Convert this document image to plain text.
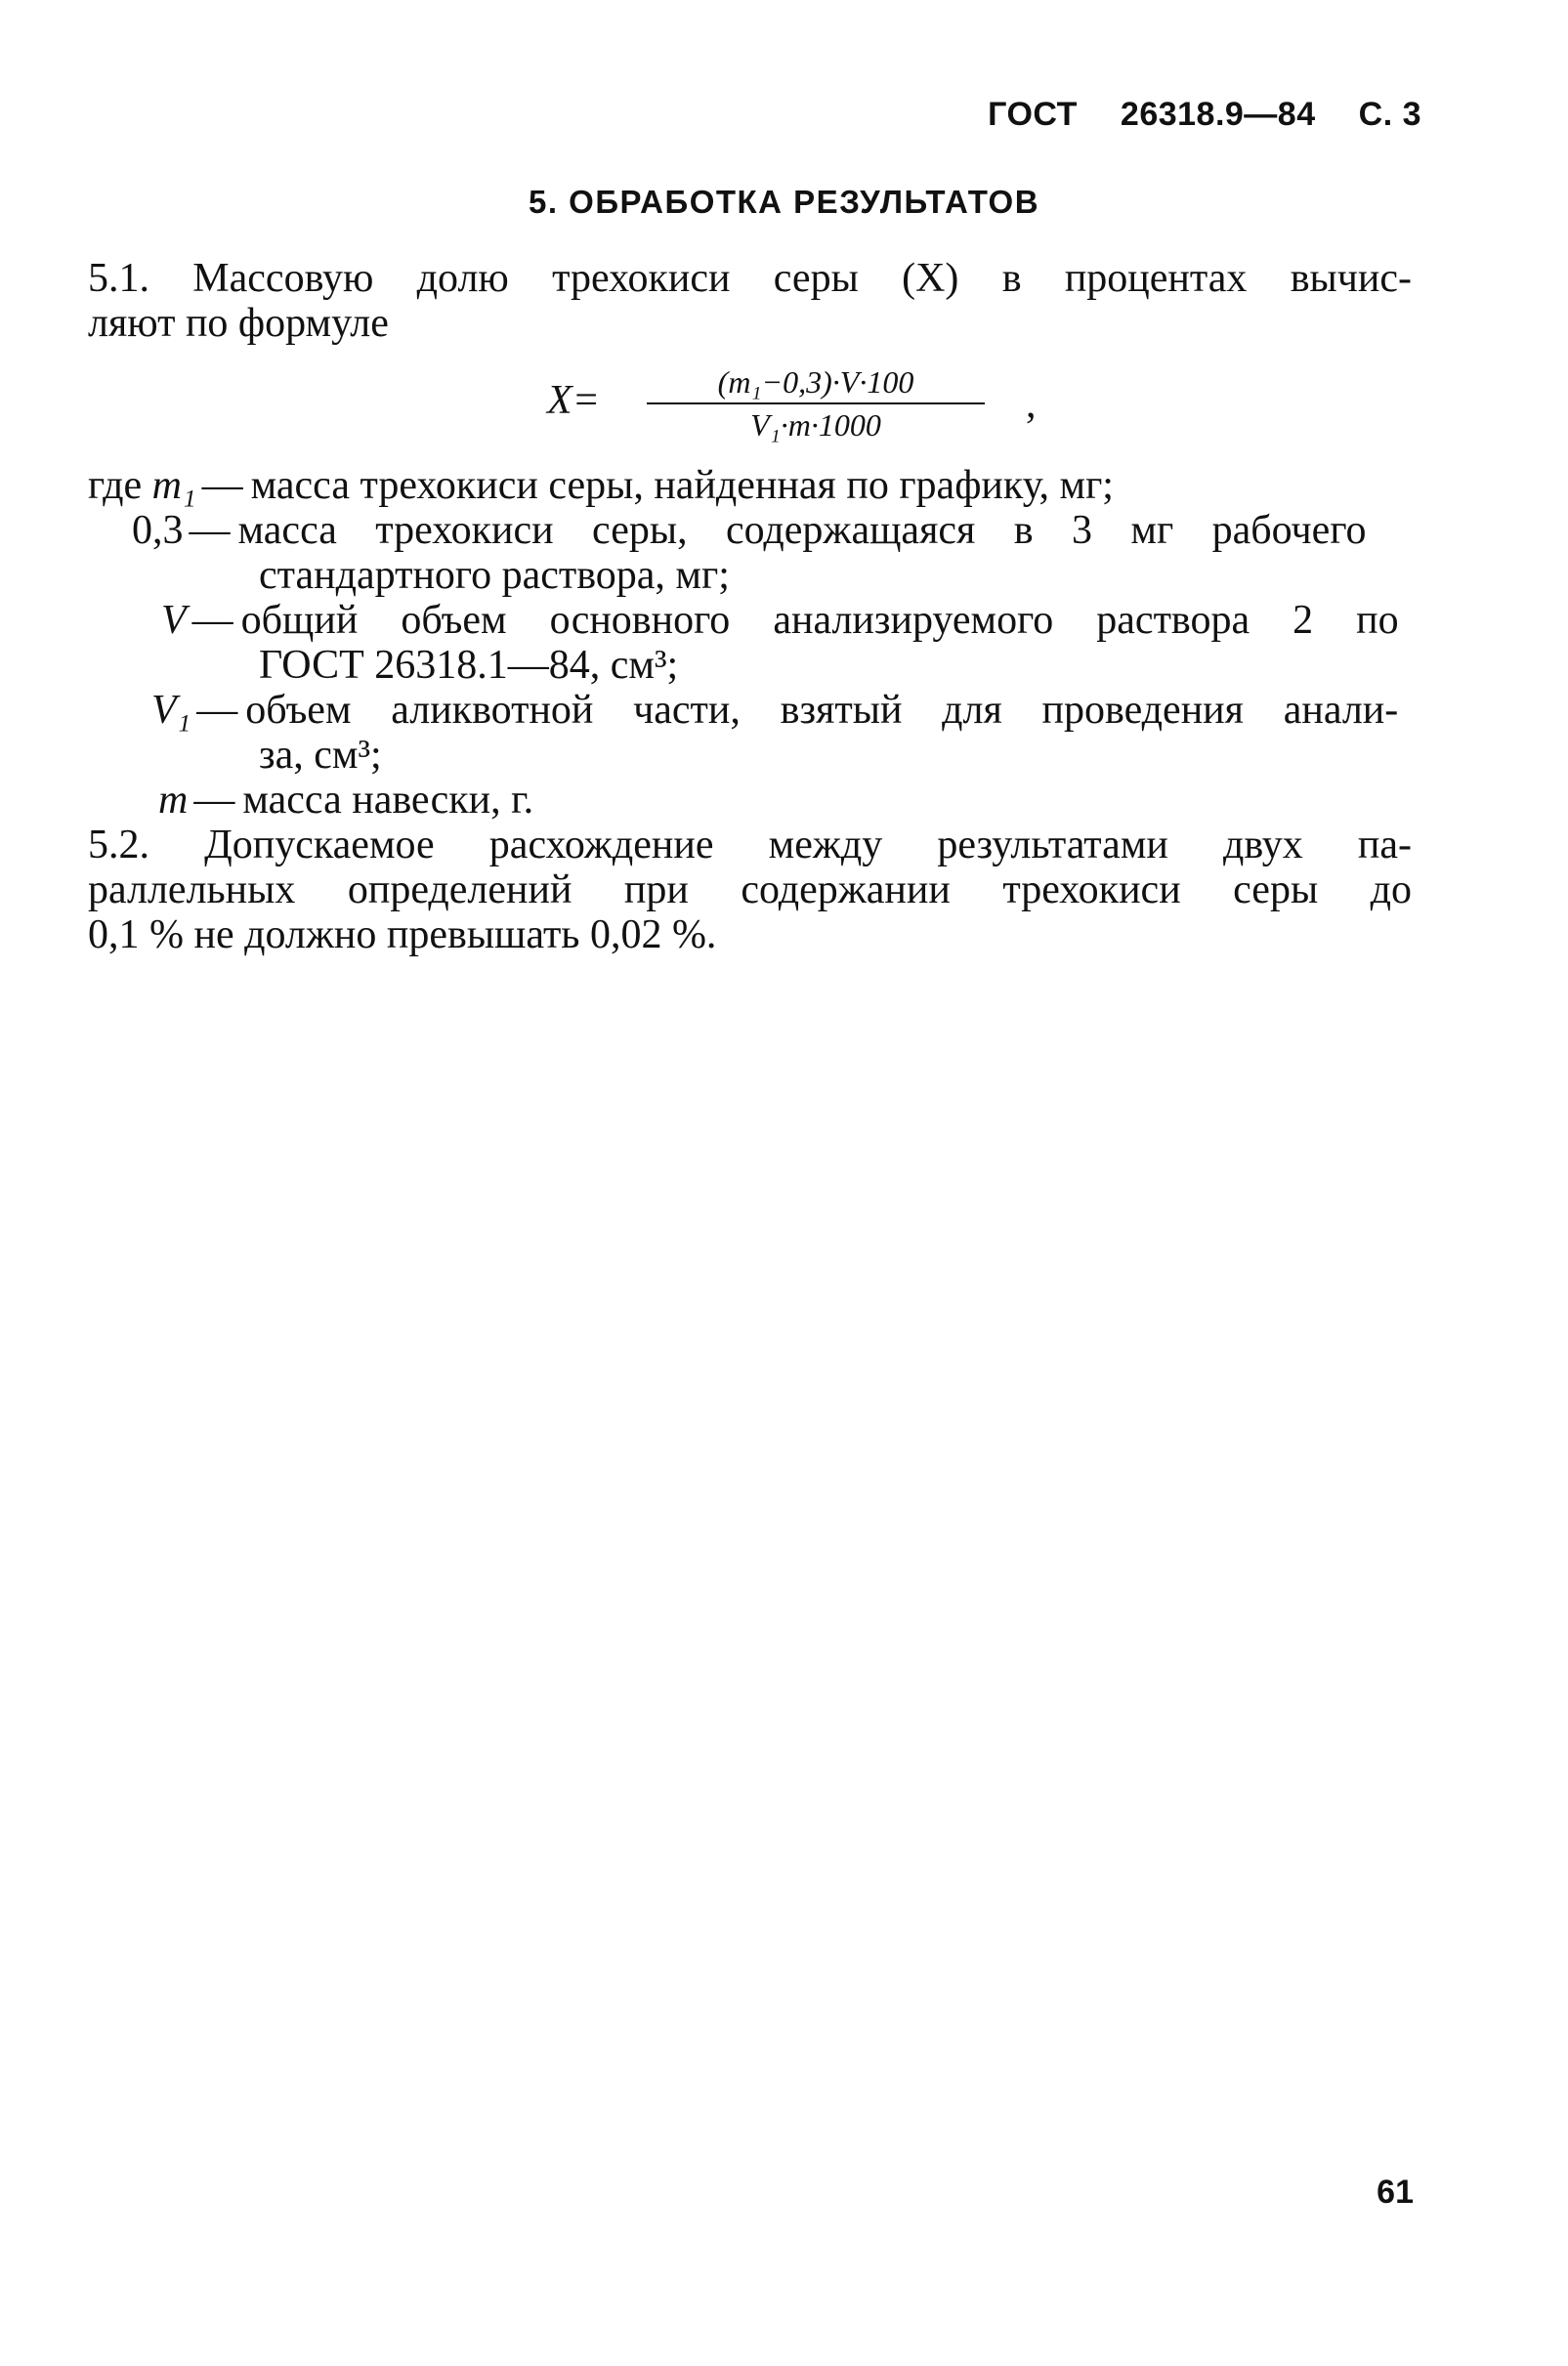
ГОСТ 26318.9—84 С. 3
5. ОБРАБОТКА РЕЗУЛЬТАТОВ
5.1. Массовую долю трехокиси серы (X) в процентах вычис-
ляют по формуле
X=	(m₁−0,3)·V·100
V₁·m·1000	,
где m₁ — масса трехокиси серы, найденная по графику, мг;
0,3 — масса трехокиси серы, содержащаяся в 3 мг рабочего
стандартного раствора, мг;
V — общий объем основного анализируемого раствора 2 по
ГОСТ 26318.1—84, см³;
V₁ — объем аликвотной части, взятый для проведения анали-
за, см³;
m — масса навески, г.
5.2. Допускаемое расхождение между результатами двух па-
раллельных определений при содержании трехокиси серы до
0,1 % не должно превышать 0,02 %.
61
